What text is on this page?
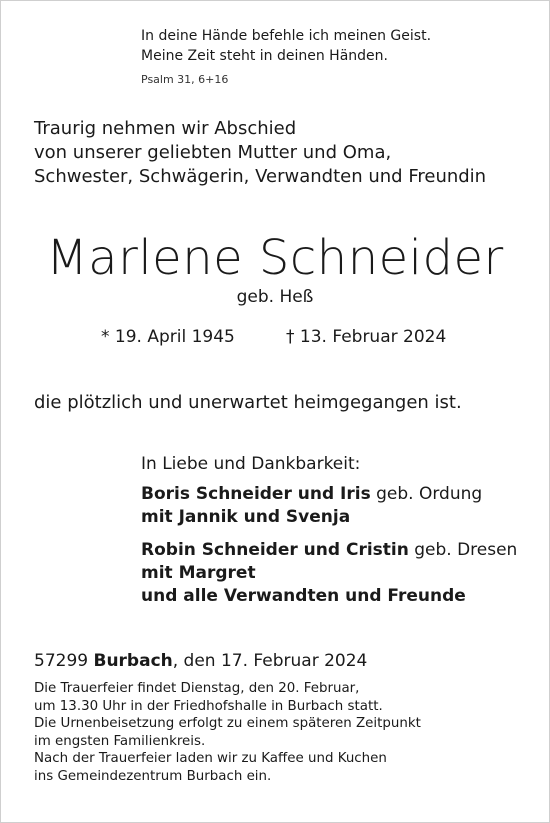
In deine Hände befehle ich meinen Geist.
Meine Zeit steht in deinen Händen.
Psalm 31, 6+16
Traurig nehmen wir Abschied
von unserer geliebten Mutter und Oma,
Schwester, Schwägerin, Verwandten und Freundin
Marlene Schneider
geb. Heß
* 19. April 1945	† 13. Februar 2024
die plötzlich und unerwartet heimgegangen ist.
In Liebe und Dankbarkeit:
Boris Schneider und Iris geb. Ordung
mit Jannik und Svenja
Robin Schneider und Cristin geb. Dresen
mit Margret
und alle Verwandten und Freunde
57299 Burbach, den 17. Februar 2024
Die Trauerfeier findet Dienstag, den 20. Februar,
um 13.30 Uhr in der Friedhofshalle in Burbach statt.
Die Urnenbeisetzung erfolgt zu einem späteren Zeitpunkt
im engsten Familienkreis.
Nach der Trauerfeier laden wir zu Kaffee und Kuchen
ins Gemeindezentrum Burbach ein.
